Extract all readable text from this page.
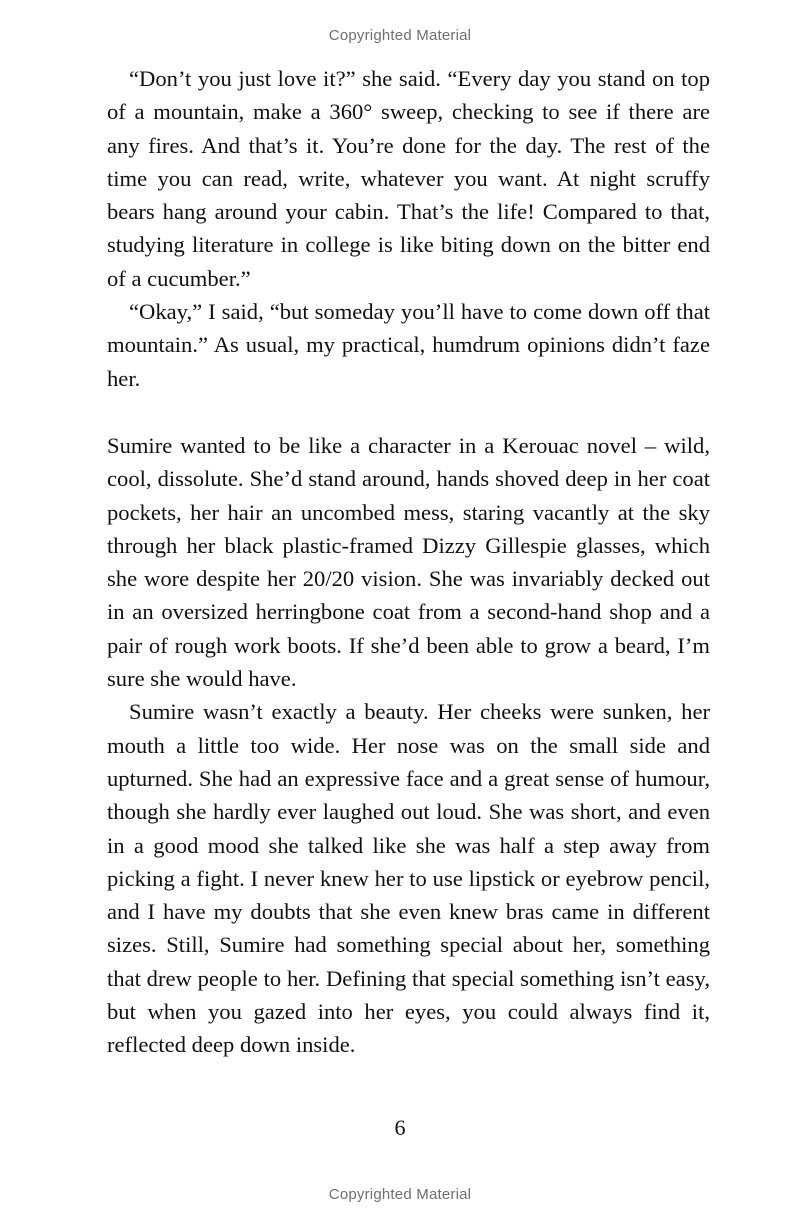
Copyrighted Material

“Don’t you just love it?” she said. “Every day you stand on top of a mountain, make a 360° sweep, checking to see if there are any fires. And that’s it. You’re done for the day. The rest of the time you can read, write, whatever you want. At night scruffy bears hang around your cabin. That’s the life! Compared to that, studying literature in college is like biting down on the bitter end of a cucumber.”

“Okay,” I said, “but someday you’ll have to come down off that mountain.” As usual, my practical, humdrum opinions didn’t faze her.

Sumire wanted to be like a character in a Kerouac novel – wild, cool, dissolute. She’d stand around, hands shoved deep in her coat pockets, her hair an uncombed mess, staring vacantly at the sky through her black plastic-framed Dizzy Gillespie glasses, which she wore despite her 20/20 vision. She was invariably decked out in an oversized herringbone coat from a second-hand shop and a pair of rough work boots. If she’d been able to grow a beard, I’m sure she would have.

Sumire wasn’t exactly a beauty. Her cheeks were sunken, her mouth a little too wide. Her nose was on the small side and upturned. She had an expressive face and a great sense of humour, though she hardly ever laughed out loud. She was short, and even in a good mood she talked like she was half a step away from picking a fight. I never knew her to use lipstick or eyebrow pencil, and I have my doubts that she even knew bras came in different sizes. Still, Sumire had something special about her, something that drew people to her. Defining that special something isn’t easy, but when you gazed into her eyes, you could always find it, reflected deep down inside.

6
Copyrighted Material
